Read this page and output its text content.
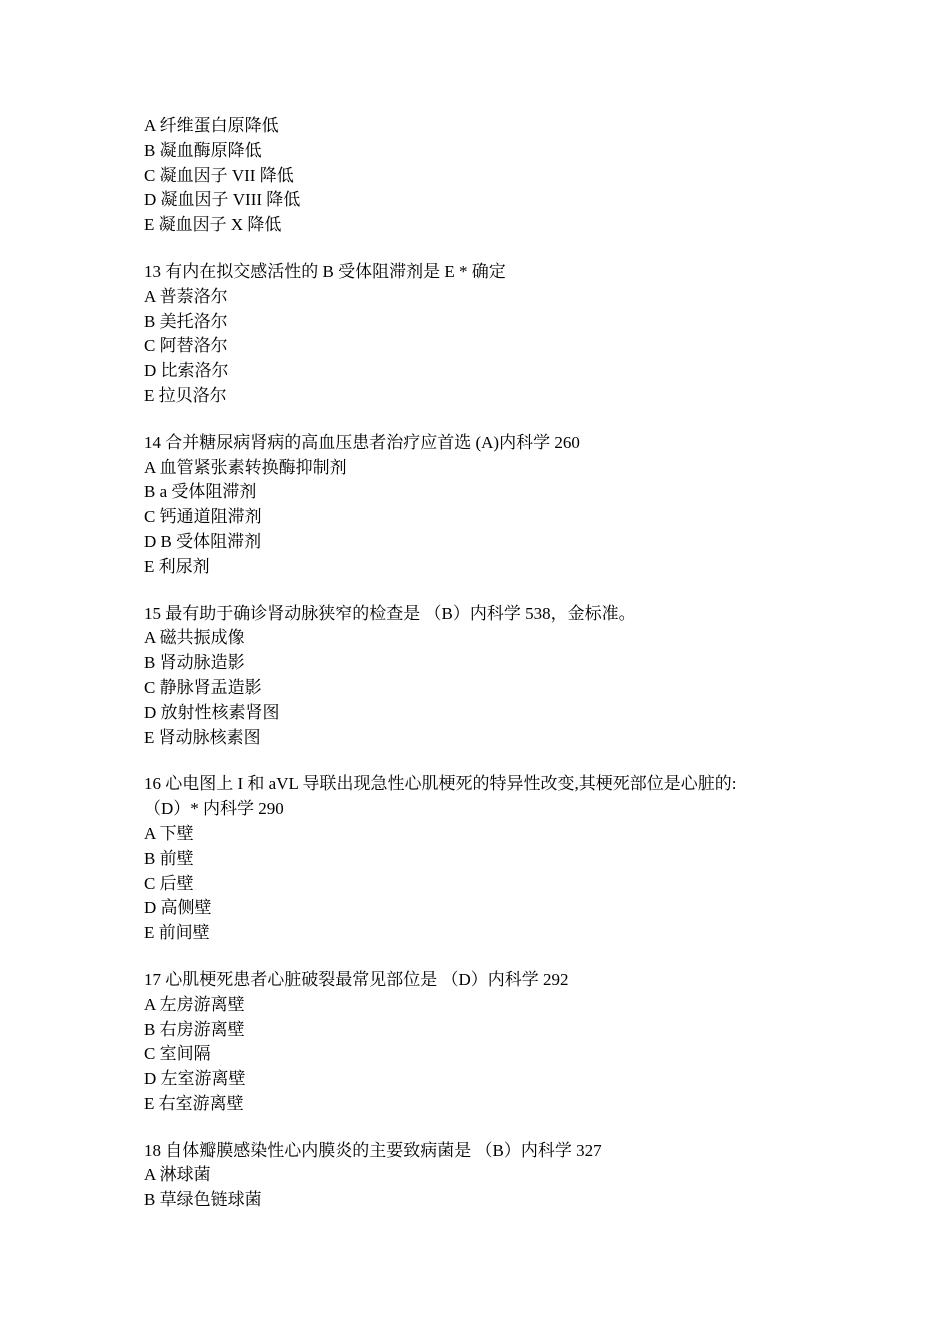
A 纤维蛋白原降低
B 凝血酶原降低
C 凝血因子 VII 降低
D 凝血因子 VIII 降低
E 凝血因子 X 降低
13 有内在拟交感活性的 B 受体阻滞剂是 E * 确定
A 普萘洛尔
B 美托洛尔
C 阿替洛尔
D 比索洛尔
E 拉贝洛尔
14 合并糖尿病肾病的高血压患者治疗应首选 (A)内科学 260
A 血管紧张素转换酶抑制剂
B a 受体阻滞剂
C 钙通道阻滞剂
D B 受体阻滞剂
E 利尿剂
15 最有助于确诊肾动脉狭窄的检查是 （B）内科学 538，金标准。
A 磁共振成像
B 肾动脉造影
C 静脉肾盂造影
D 放射性核素肾图
E 肾动脉核素图
16 心电图上 I 和 aVL 导联出现急性心肌梗死的特异性改变,其梗死部位是心脏的:
（D）* 内科学 290
A 下壁
B 前壁
C 后壁
D 高侧壁
E 前间壁
17 心肌梗死患者心脏破裂最常见部位是 （D）内科学 292
A 左房游离壁
B 右房游离壁
C 室间隔
D 左室游离壁
E 右室游离壁
18 自体瓣膜感染性心内膜炎的主要致病菌是 （B）内科学 327
A 淋球菌
B 草绿色链球菌
